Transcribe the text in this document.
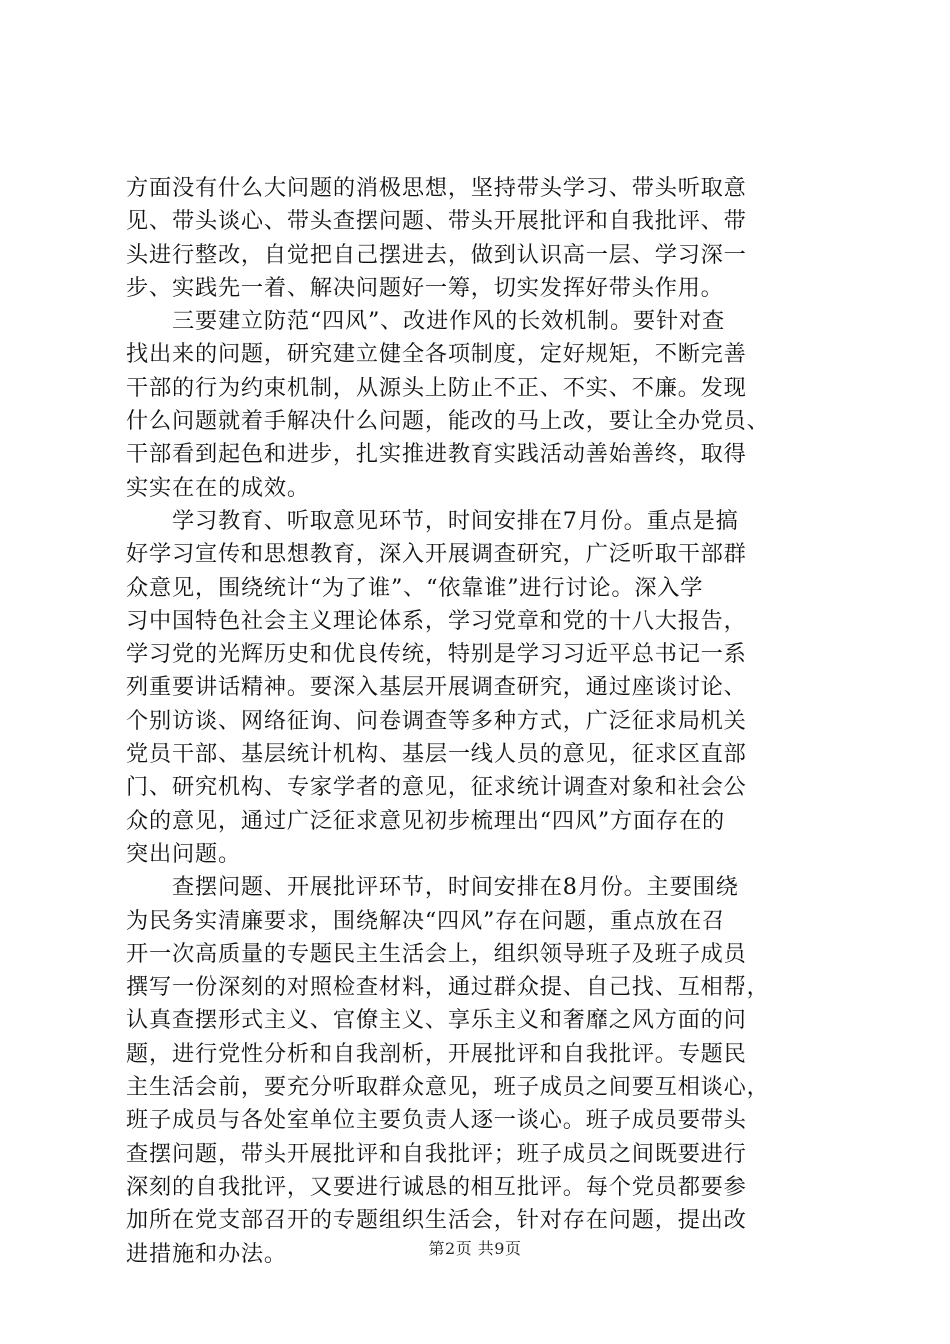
方面没有什么大问题的消极思想，坚持带头学习、带头听取意
见、带头谈心、带头查摆问题、带头开展批评和自我批评、带
头进行整改，自觉把自己摆进去，做到认识高一层、学习深一
步、实践先一着、解决问题好一筹，切实发挥好带头作用。
　　三要建立防范“四风”、改进作风的长效机制。要针对查
找出来的问题，研究建立健全各项制度，定好规矩，不断完善
干部的行为约束机制，从源头上防止不正、不实、不廉。发现
什么问题就着手解决什么问题，能改的马上改，要让全办党员、
干部看到起色和进步，扎实推进教育实践活动善始善终，取得
实实在在的成效。
　　学习教育、听取意见环节，时间安排在7月份。重点是搞
好学习宣传和思想教育，深入开展调查研究，广泛听取干部群
众意见，围绕统计“为了谁”、“依靠谁”进行讨论。深入学
习中国特色社会主义理论体系，学习党章和党的十八大报告，
学习党的光辉历史和优良传统，特别是学习习近平总书记一系
列重要讲话精神。要深入基层开展调查研究，通过座谈讨论、
个别访谈、网络征询、问卷调查等多种方式，广泛征求局机关
党员干部、基层统计机构、基层一线人员的意见，征求区直部
门、研究机构、专家学者的意见，征求统计调查对象和社会公
众的意见，通过广泛征求意见初步梳理出“四风”方面存在的
突出问题。
　　查摆问题、开展批评环节，时间安排在8月份。主要围绕
为民务实清廉要求，围绕解决“四风”存在问题，重点放在召
开一次高质量的专题民主生活会上，组织领导班子及班子成员
撰写一份深刻的对照检查材料，通过群众提、自己找、互相帮，
认真查摆形式主义、官僚主义、享乐主义和奢靡之风方面的问
题，进行党性分析和自我剖析，开展批评和自我批评。专题民
主生活会前，要充分听取群众意见，班子成员之间要互相谈心，
班子成员与各处室单位主要负责人逐一谈心。班子成员要带头
查摆问题，带头开展批评和自我批评；班子成员之间既要进行
深刻的自我批评，又要进行诚恳的相互批评。每个党员都要参
加所在党支部召开的专题组织生活会，针对存在问题，提出改
进措施和办法。	第2页 共9页
